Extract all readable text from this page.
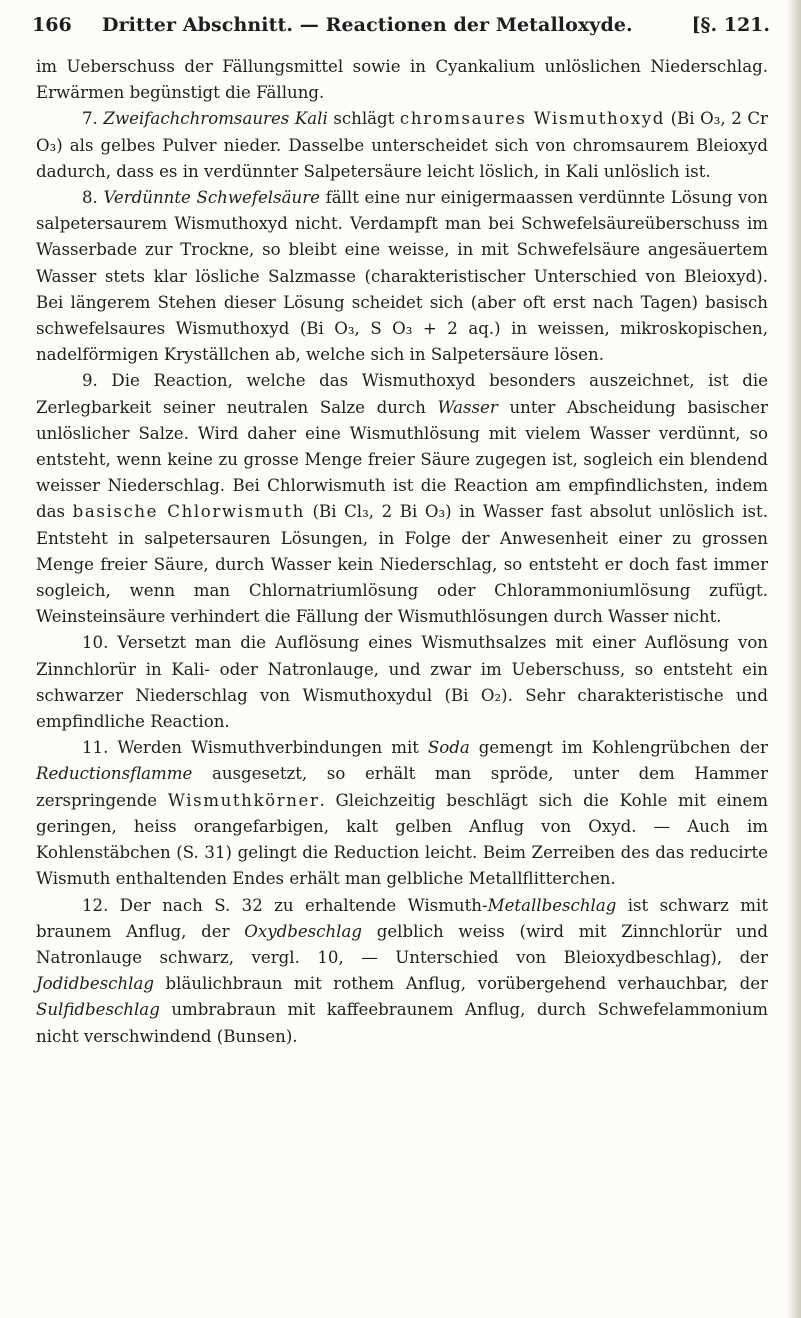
166 Dritter Abschnitt. — Reactionen der Metalloxyde.	[§. 121.

im Ueberschuss der Fällungsmittel sowie in Cyankalium unlöslichen Niederschlag. Erwärmen begünstigt die Fällung.

7. Zweifachchromsaures Kali schlägt chromsaures Wismuthoxyd (Bi O₃, 2 Cr O₃) als gelbes Pulver nieder. Dasselbe unterscheidet sich von chromsaurem Bleioxyd dadurch, dass es in verdünnter Salpetersäure leicht löslich, in Kali unlöslich ist.

8. Verdünnte Schwefelsäure fällt eine nur einigermaassen verdünnte Lösung von salpetersaurem Wismuthoxyd nicht. Verdampft man bei Schwefelsäureüberschuss im Wasserbade zur Trockne, so bleibt eine weisse, in mit Schwefelsäure angesäuertem Wasser stets klar lösliche Salzmasse (charakteristischer Unterschied von Bleioxyd). Bei längerem Stehen dieser Lösung scheidet sich (aber oft erst nach Tagen) basisch schwefelsaures Wismuthoxyd (Bi O₃, S O₃ + 2 aq.) in weissen, mikroskopischen, nadelförmigen Kryställchen ab, welche sich in Salpetersäure lösen.

9. Die Reaction, welche das Wismuthoxyd besonders auszeichnet, ist die Zerlegbarkeit seiner neutralen Salze durch Wasser unter Abscheidung basischer unlöslicher Salze. Wird daher eine Wismuthlösung mit vielem Wasser verdünnt, so entsteht, wenn keine zu grosse Menge freier Säure zugegen ist, sogleich ein blendend weisser Niederschlag. Bei Chlorwismuth ist die Reaction am empfindlichsten, indem das basische Chlorwismuth (Bi Cl₃, 2 Bi O₃) in Wasser fast absolut unlöslich ist. Entsteht in salpetersauren Lösungen, in Folge der Anwesenheit einer zu grossen Menge freier Säure, durch Wasser kein Niederschlag, so entsteht er doch fast immer sogleich, wenn man Chlornatriumlösung oder Chlorammoniumlösung zufügt. Weinsteinsäure verhindert die Fällung der Wismuthlösungen durch Wasser nicht.

10. Versetzt man die Auflösung eines Wismuthsalzes mit einer Auflösung von Zinnchlorür in Kali- oder Natronlauge, und zwar im Ueberschuss, so entsteht ein schwarzer Niederschlag von Wismuthoxydul (Bi O₂). Sehr charakteristische und empfindliche Reaction.

11. Werden Wismuthverbindungen mit Soda gemengt im Kohlengrübchen der Reductionsflamme ausgesetzt, so erhält man spröde, unter dem Hammer zerspringende Wismuthkörner. Gleichzeitig beschlägt sich die Kohle mit einem geringen, heiss orangefarbigen, kalt gelben Anflug von Oxyd. — Auch im Kohlenstäbchen (S. 31) gelingt die Reduction leicht. Beim Zerreiben des das reducirte Wismuth enthaltenden Endes erhält man gelbliche Metallflitterchen.

12. Der nach S. 32 zu erhaltende Wismuth-Metallbeschlag ist schwarz mit braunem Anflug, der Oxydbeschlag gelblich weiss (wird mit Zinnchlorür und Natronlauge schwarz, vergl. 10, — Unterschied von Bleioxydbeschlag), der Jodidbeschlag bläulichbraun mit rothem Anflug, vorübergehend verhauchbar, der Sulfidbeschlag umbrabraun mit kaffeebraunem Anflug, durch Schwefelammonium nicht verschwindend (Bunsen).
